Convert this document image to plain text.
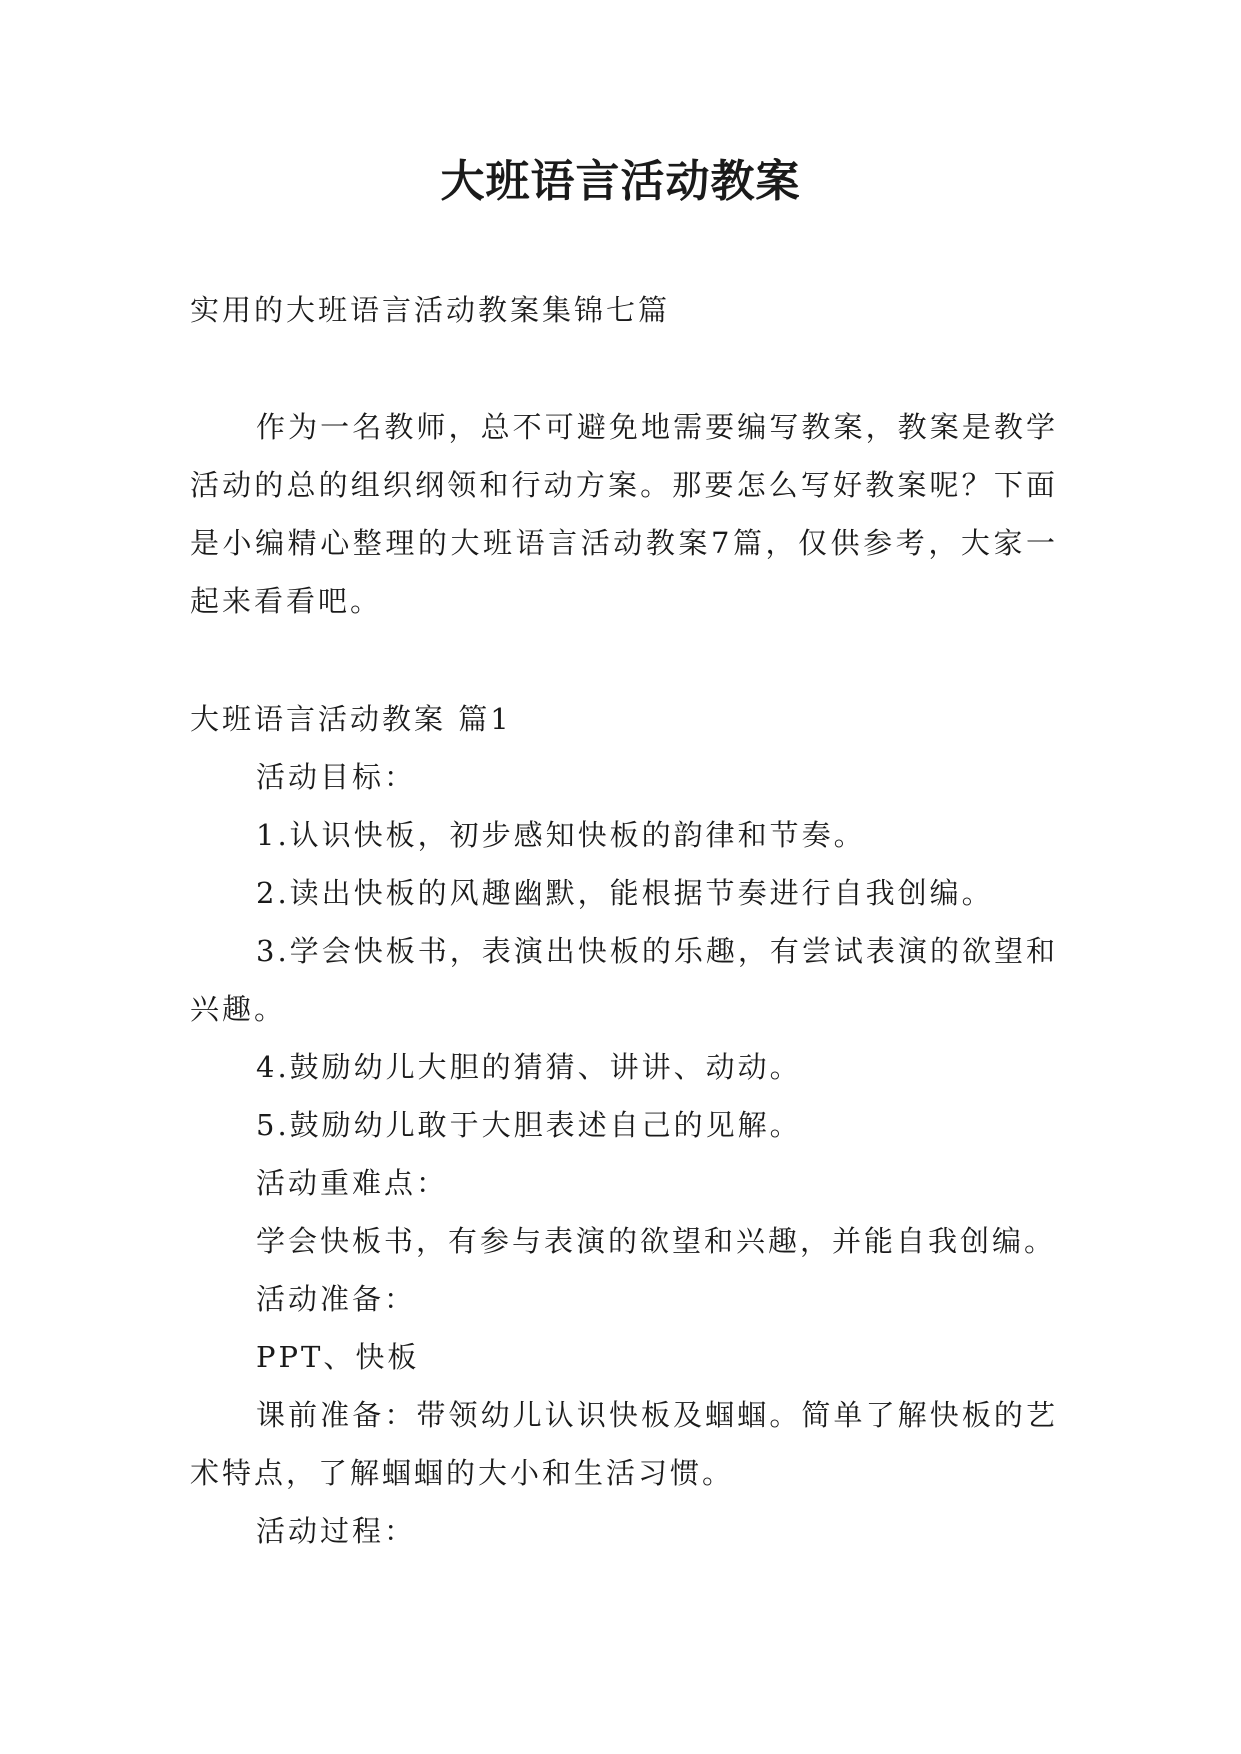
大班语言活动教案

实用的大班语言活动教案集锦七篇

作为一名教师，总不可避免地需要编写教案，教案是教学活动的总的组织纲领和行动方案。那要怎么写好教案呢？下面是小编精心整理的大班语言活动教案7篇，仅供参考，大家一起来看看吧。

大班语言活动教案 篇1

活动目标：

1.认识快板，初步感知快板的韵律和节奏。

2.读出快板的风趣幽默，能根据节奏进行自我创编。

3.学会快板书，表演出快板的乐趣，有尝试表演的欲望和兴趣。

4.鼓励幼儿大胆的猜猜、讲讲、动动。

5.鼓励幼儿敢于大胆表述自己的见解。

活动重难点：

学会快板书，有参与表演的欲望和兴趣，并能自我创编。

活动准备：

PPT、快板

课前准备：带领幼儿认识快板及蝈蝈。简单了解快板的艺术特点，了解蝈蝈的大小和生活习惯。

活动过程：
